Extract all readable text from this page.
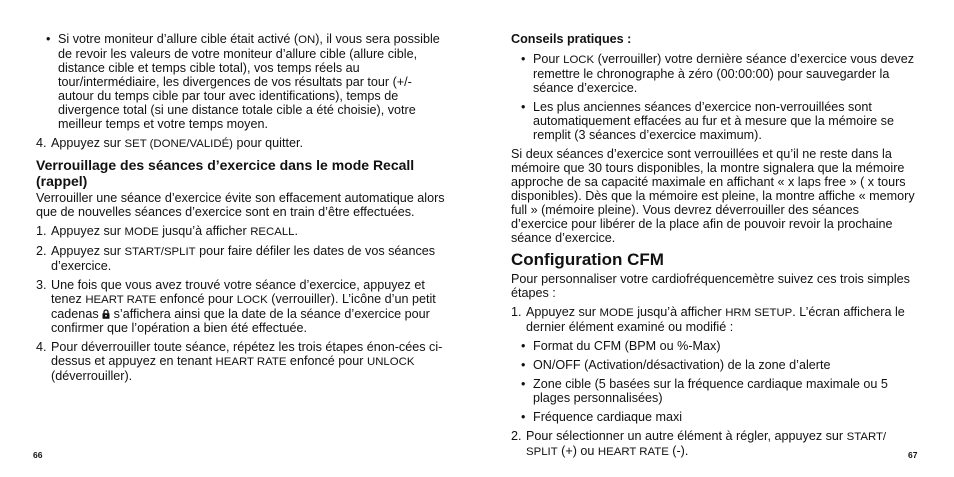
• Si votre moniteur d’allure cible était activé (ON), il vous sera possible de revoir les valeurs de votre moniteur d’allure cible (allure cible, distance cible et temps cible total), vos temps réels au tour/intermédiaire, les divergences de vos résultats par tour (+/- autour du temps cible par tour avec identifications), temps de divergence total (si une distance totale cible a été choisie), votre meilleur temps et votre temps moyen.
4. Appuyez sur SET (DONE/VALIDÉ) pour quitter.
Verrouillage des séances d’exercice dans le mode Recall (rappel)

Verrouiller une séance d’exercice évite son effacement automatique alors que de nouvelles séances d’exercice sont en train d’être effectuées.

1. Appuyez sur MODE jusqu’à afficher RECALL.
2. Appuyez sur START/SPLIT pour faire défiler les dates de vos séances d’exercice.
3. Une fois que vous avez trouvé votre séance d’exercice, appuyez et tenez HEART RATE enfoncé pour LOCK (verrouiller). L’icône d’un petit cadenas  s’affichera ainsi que la date de la séance d’exercice pour confirmer que l’opération a bien été effectuée.
4. Pour déverrouiller toute séance, répétez les trois étapes énon-cées ci-dessus et appuyez en tenant HEART RATE enfoncé pour UNLOCK (déverrouiller).
Conseils pratiques :
• Pour LOCK (verrouiller) votre dernière séance d’exercice vous devez remettre le chronographe à zéro (00:00:00) pour sauvegarder la séance d’exercice.
• Les plus anciennes séances d’exercice non-verrouillées sont automatiquement effacées au fur et à mesure que la mémoire se remplit (3 séances d’exercice maximum).

Si deux séances d’exercice sont verrouillées et qu’il ne reste dans la mémoire que 30 tours disponibles, la montre signalera que la mémoire approche de sa capacité maximale en affichant « x laps free » ( x tours disponibles). Dès que la mémoire est pleine, la montre affiche « memory full » (mémoire pleine). Vous devrez déverrouiller des séances d’exercice pour libérer de la place afin de pouvoir revoir la prochaine séance d’exercice.

Configuration CFM

Pour personnaliser votre cardiofréquencemètre suivez ces trois simples étapes :

1. Appuyez sur MODE jusqu’à afficher HRM SETUP. L’écran affichera le dernier élément examiné ou modifié :
• Format du CFM (BPM ou %-Max)
• ON/OFF (Activation/désactivation) de la zone d’alerte
• Zone cible (5 basées sur la fréquence cardiaque maximale ou 5 plages personnalisées)
• Fréquence cardiaque maxi
2. Pour sélectionner un autre élément à régler, appuyez sur START/ SPLIT (+) ou HEART RATE (-).
66	67
